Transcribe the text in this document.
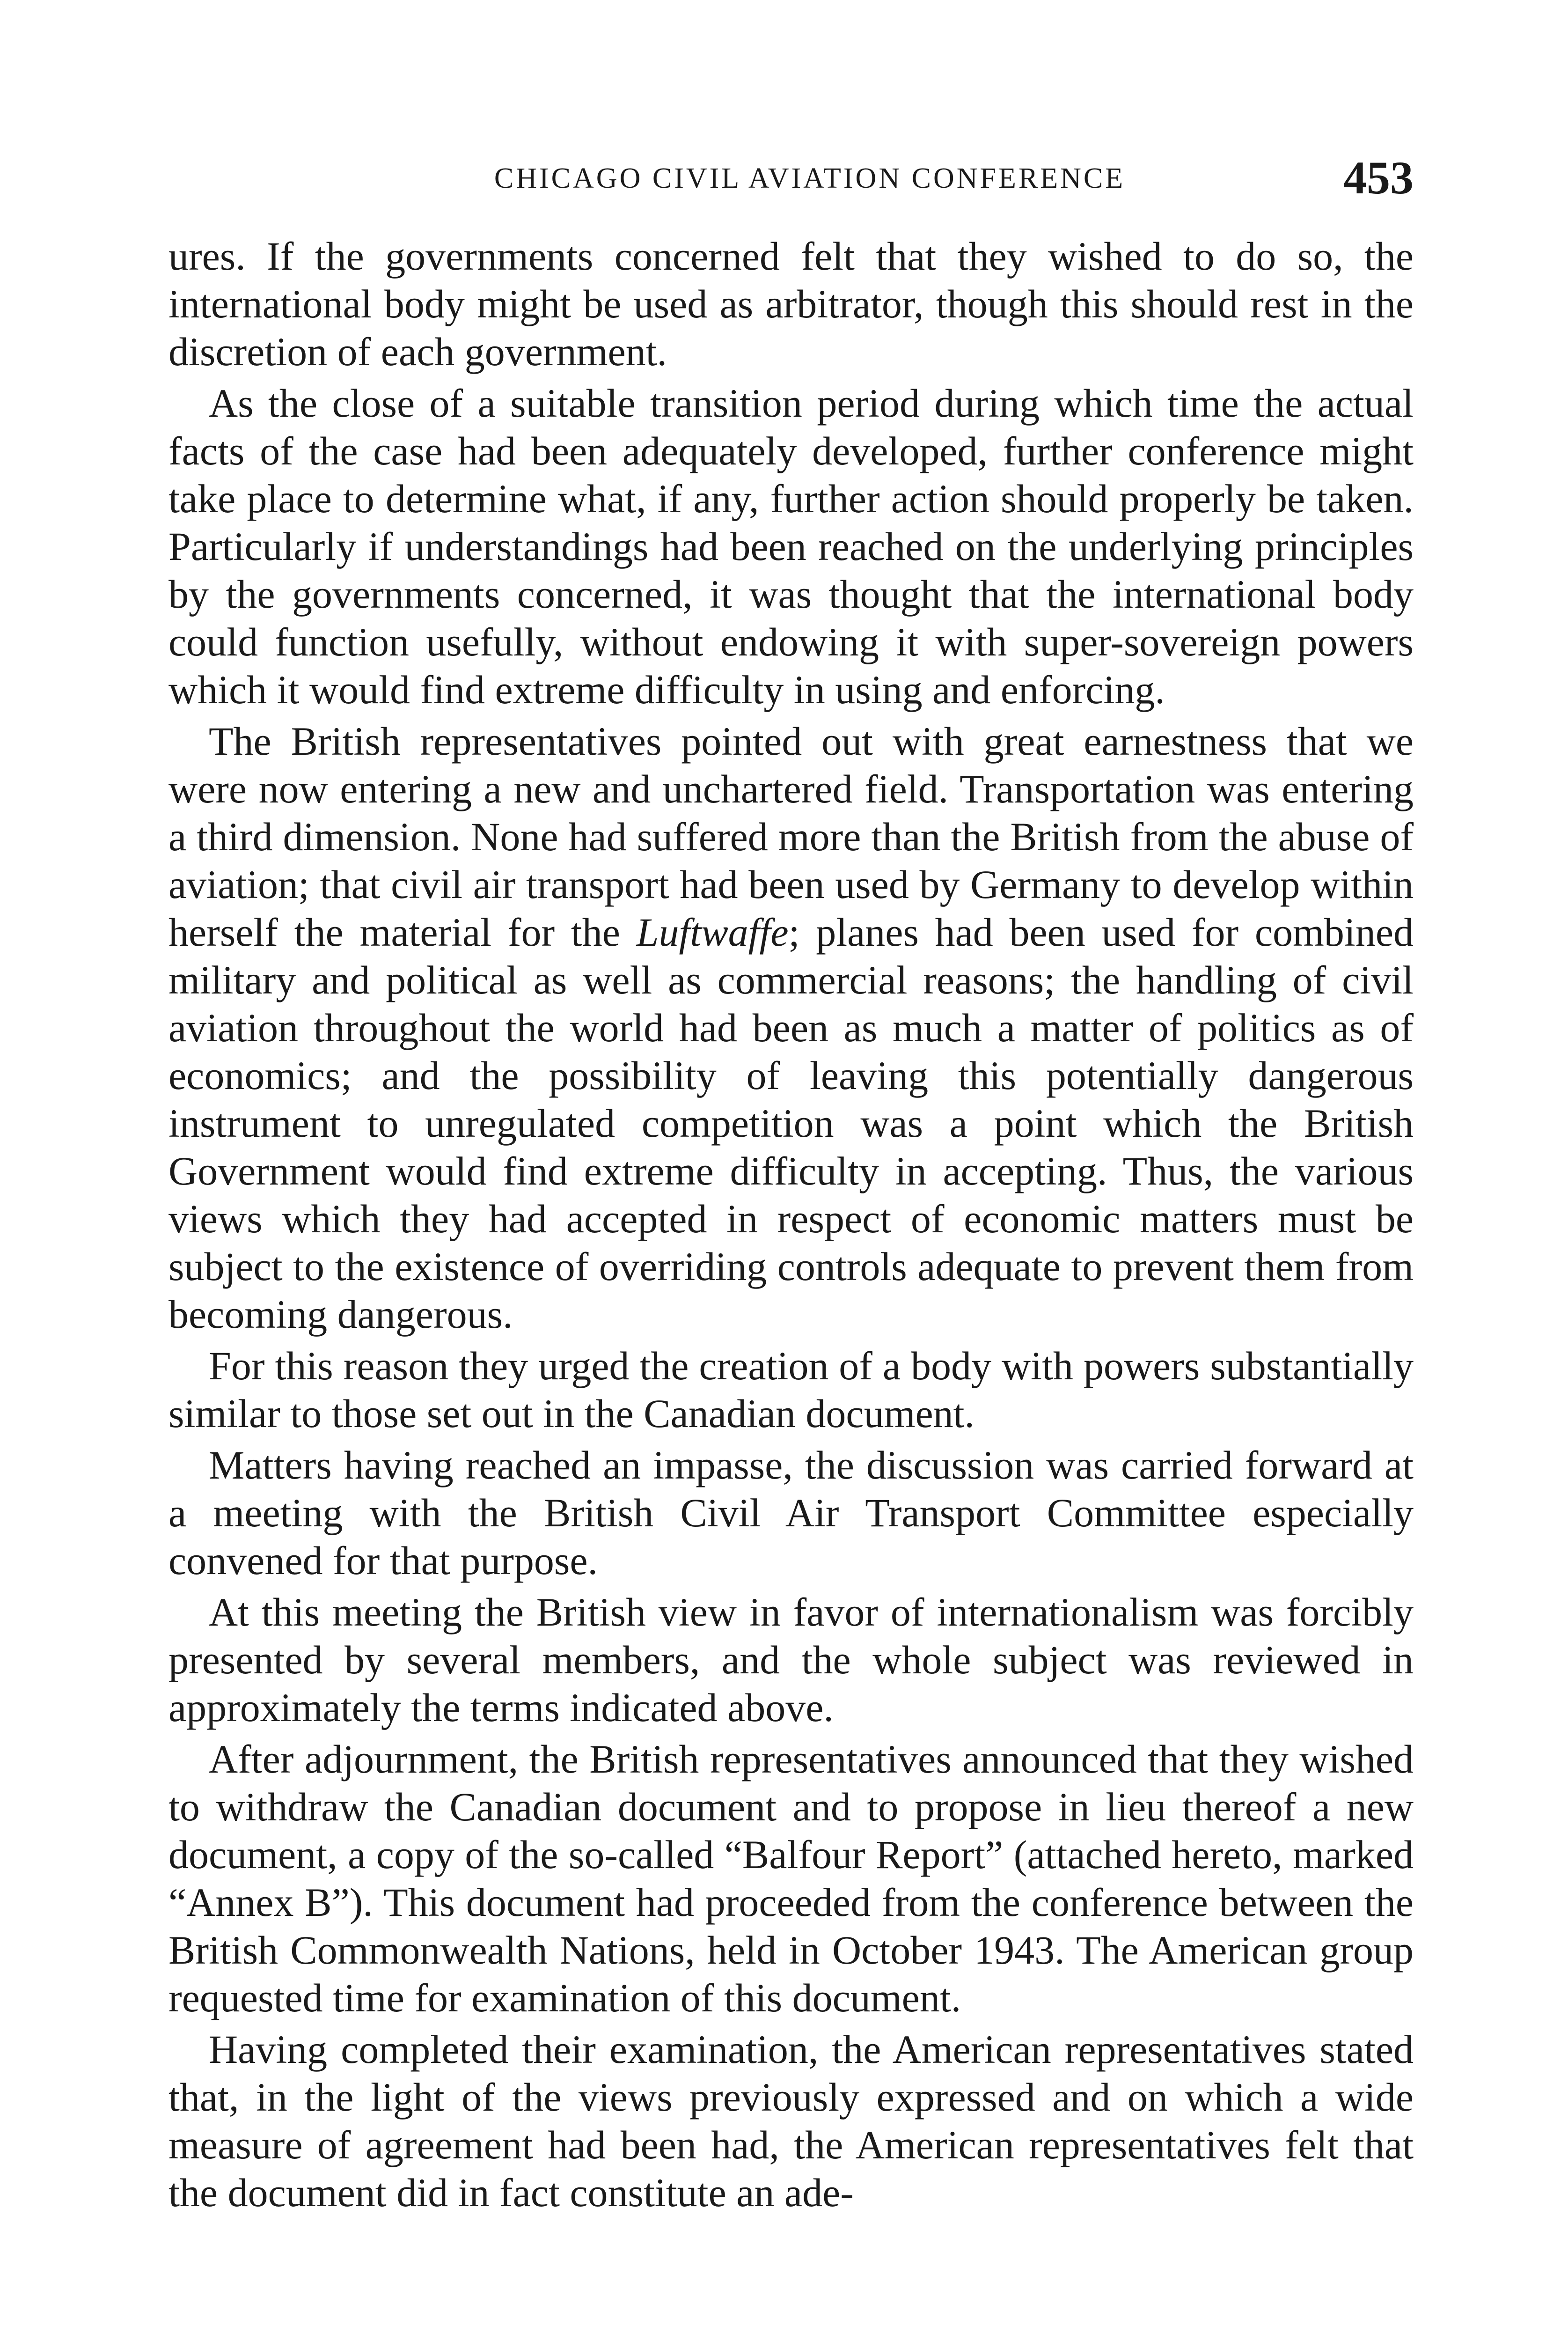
CHICAGO CIVIL AVIATION CONFERENCE	453

ures. If the governments concerned felt that they wished to do so, the international body might be used as arbitrator, though this should rest in the discretion of each government.

As the close of a suitable transition period during which time the actual facts of the case had been adequately developed, further conference might take place to determine what, if any, further action should properly be taken. Particularly if understandings had been reached on the underlying principles by the governments concerned, it was thought that the international body could function usefully, without endowing it with super-sovereign powers which it would find extreme difficulty in using and enforcing.

The British representatives pointed out with great earnestness that we were now entering a new and unchartered field. Transportation was entering a third dimension. None had suffered more than the British from the abuse of aviation; that civil air transport had been used by Germany to develop within herself the material for the Luftwaffe; planes had been used for combined military and political as well as commercial reasons; the handling of civil aviation throughout the world had been as much a matter of politics as of economics; and the possibility of leaving this potentially dangerous instrument to unregulated competition was a point which the British Government would find extreme difficulty in accepting. Thus, the various views which they had accepted in respect of economic matters must be subject to the existence of overriding controls adequate to prevent them from becoming dangerous.

For this reason they urged the creation of a body with powers substantially similar to those set out in the Canadian document.

Matters having reached an impasse, the discussion was carried forward at a meeting with the British Civil Air Transport Committee especially convened for that purpose.

At this meeting the British view in favor of internationalism was forcibly presented by several members, and the whole subject was reviewed in approximately the terms indicated above.

After adjournment, the British representatives announced that they wished to withdraw the Canadian document and to propose in lieu thereof a new document, a copy of the so-called “Balfour Report” (attached hereto, marked “Annex B”). This document had proceeded from the conference between the British Commonwealth Nations, held in October 1943. The American group requested time for examination of this document.

Having completed their examination, the American representatives stated that, in the light of the views previously expressed and on which a wide measure of agreement had been had, the American representatives felt that the document did in fact constitute an ade-
